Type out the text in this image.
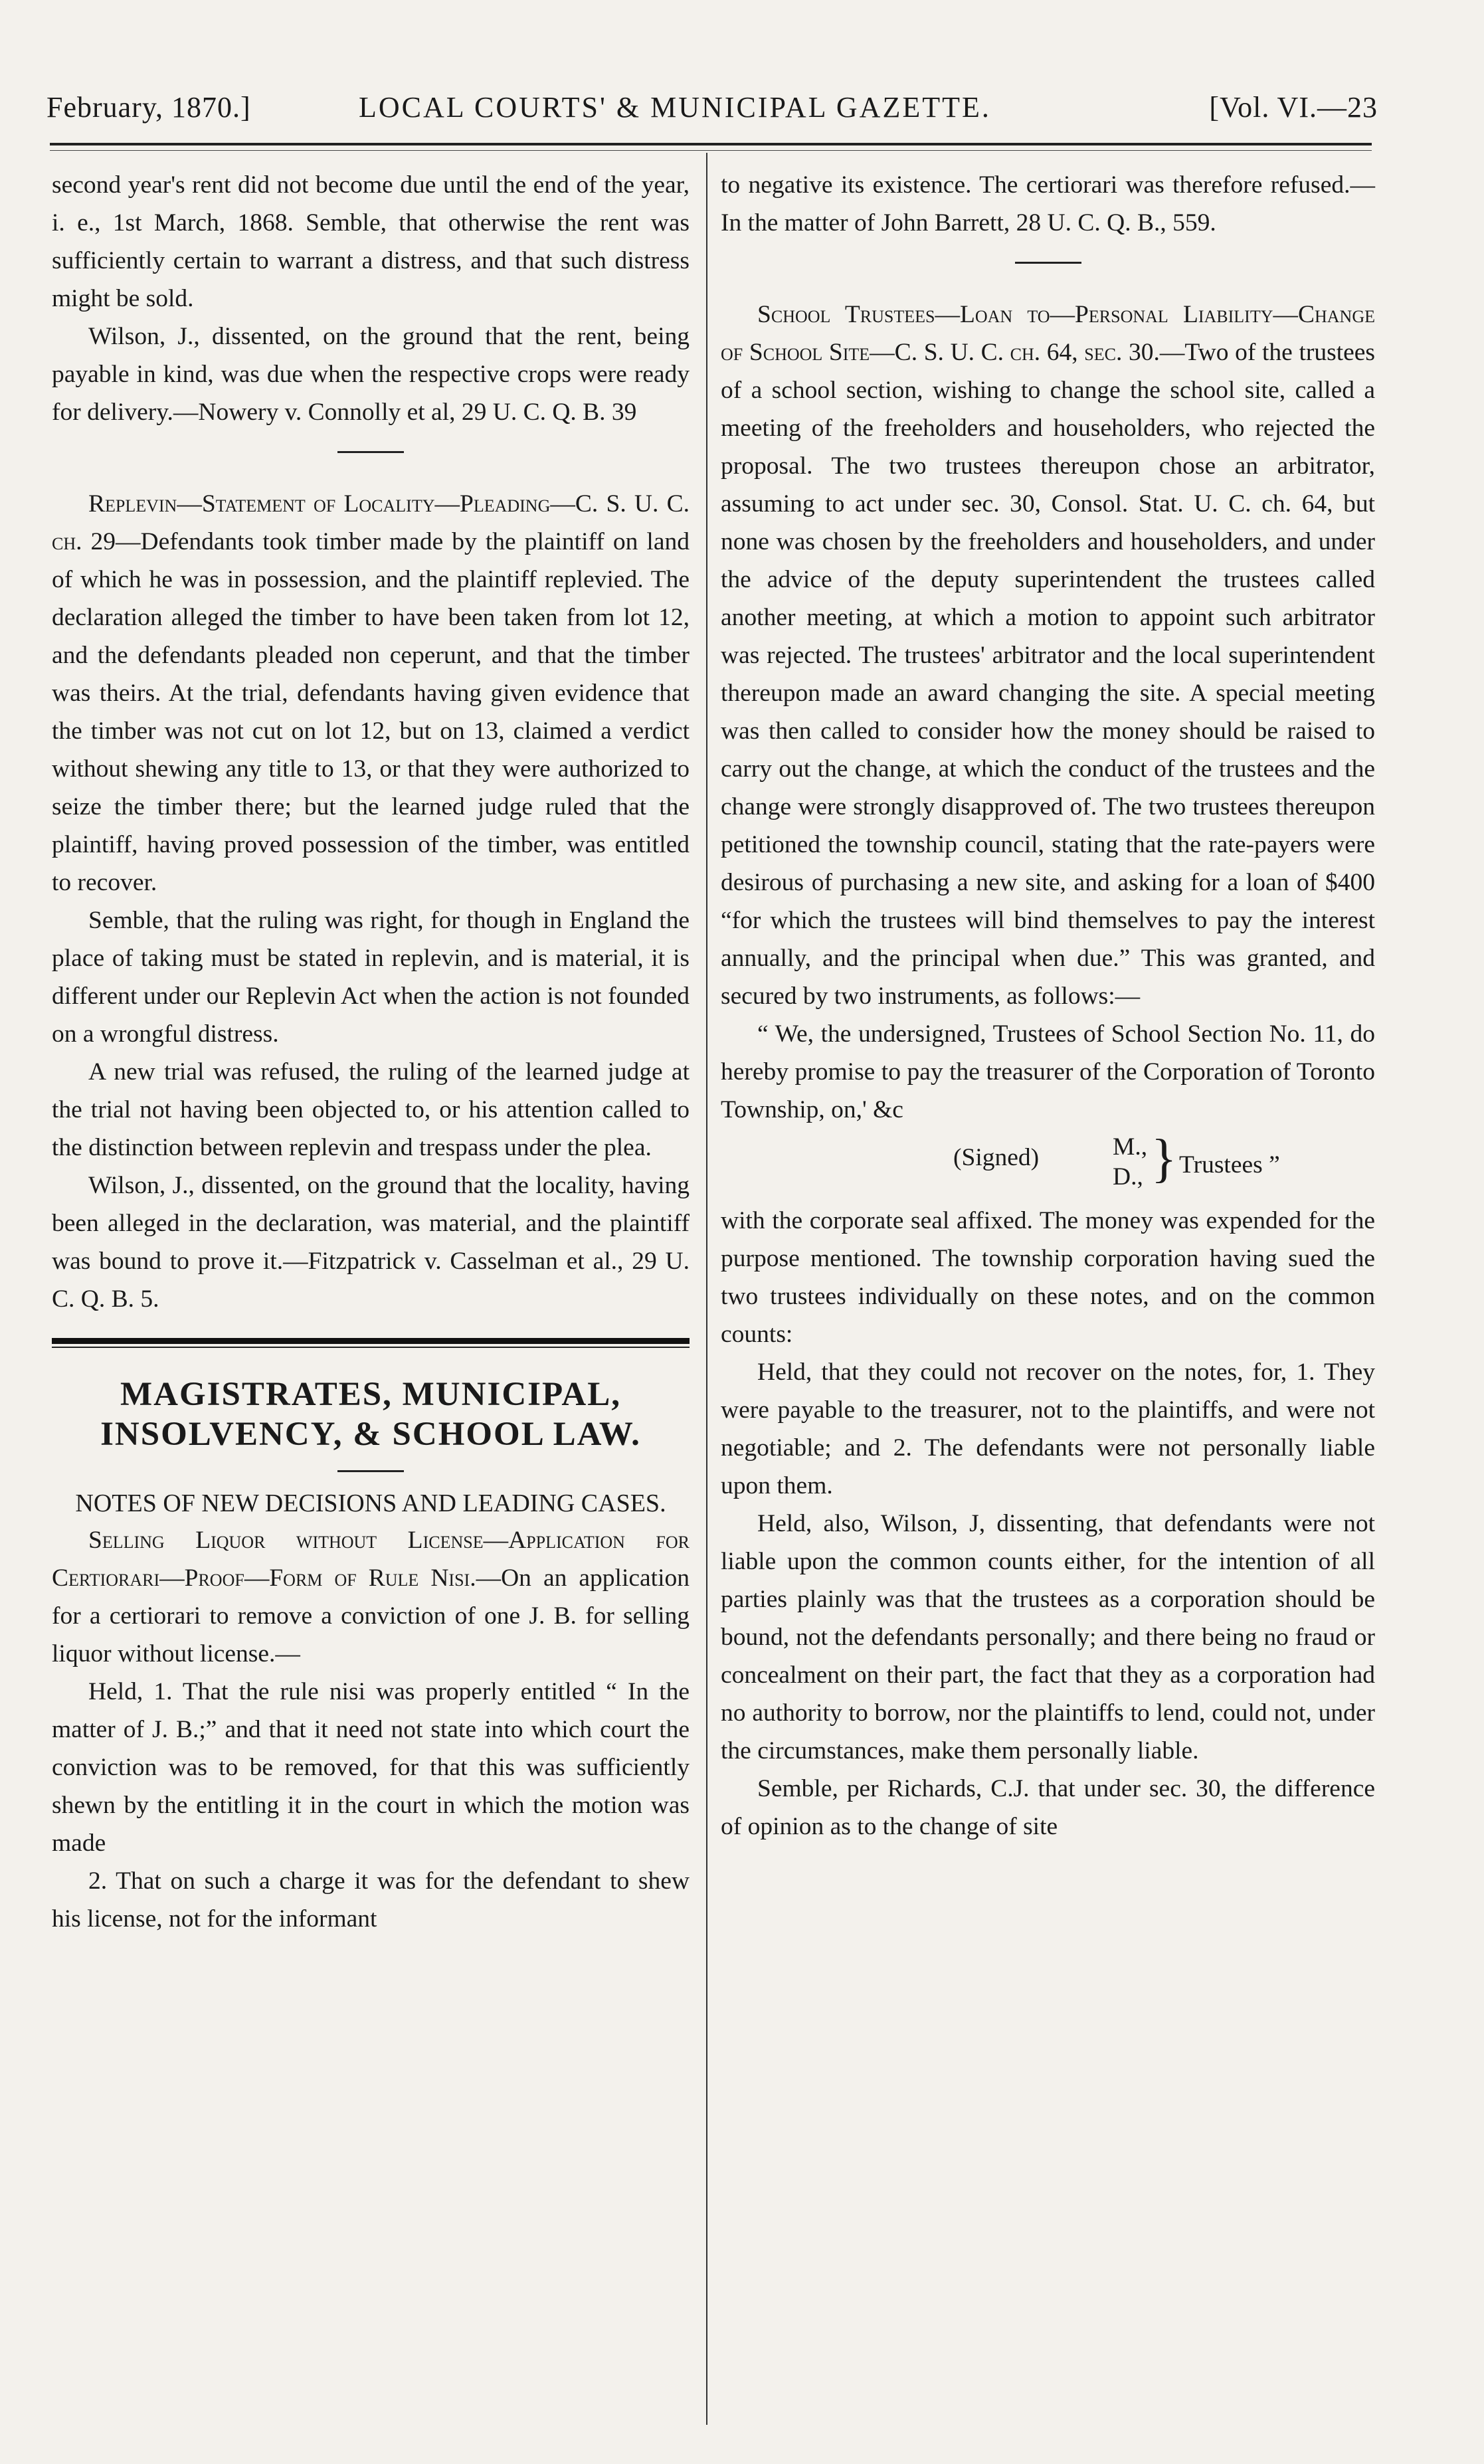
February, 1870.]	LOCAL COURTS' & MUNICIPAL GAZETTE.	[Vol. VI.—23

second year's rent did not become due until the end of the year, i. e., 1st March, 1868. Semble, that otherwise the rent was sufficiently certain to warrant a distress, and that such distress might be sold.

Wilson, J., dissented, on the ground that the rent, being payable in kind, was due when the respective crops were ready for delivery.—Nowery v. Connolly et al, 29 U. C. Q. B. 39

Replevin—Statement of Locality—Pleading—C. S. U. C. ch. 29—Defendants took timber made by the plaintiff on land of which he was in possession, and the plaintiff replevied. The declaration alleged the timber to have been taken from lot 12, and the defendants pleaded non ceperunt, and that the timber was theirs. At the trial, defendants having given evidence that the timber was not cut on lot 12, but on 13, claimed a verdict without shewing any title to 13, or that they were authorized to seize the timber there; but the learned judge ruled that the plaintiff, having proved possession of the timber, was entitled to recover.

Semble, that the ruling was right, for though in England the place of taking must be stated in replevin, and is material, it is different under our Replevin Act when the action is not founded on a wrongful distress.

A new trial was refused, the ruling of the learned judge at the trial not having been objected to, or his attention called to the distinction between replevin and trespass under the plea.

Wilson, J., dissented, on the ground that the locality, having been alleged in the declaration, was material, and the plaintiff was bound to prove it.—Fitzpatrick v. Casselman et al., 29 U. C. Q. B. 5.

MAGISTRATES, MUNICIPAL,

INSOLVENCY, & SCHOOL LAW.

NOTES OF NEW DECISIONS AND LEADING CASES.

Selling Liquor without License—Application for Certiorari—Proof—Form of Rule Nisi.—On an application for a certiorari to remove a conviction of one J. B. for selling liquor without license.—

Held, 1. That the rule nisi was properly entitled “ In the matter of J. B.;” and that it need not state into which court the conviction was to be removed, for that this was sufficiently shewn by the entitling it in the court in which the motion was made

2. That on such a charge it was for the defendant to shew his license, not for the informant

to negative its existence. The certiorari was therefore refused.—In the matter of John Barrett, 28 U. C. Q. B., 559.

School Trustees—Loan to—Personal Liability—Change of School Site—C. S. U. C. ch. 64, sec. 30.—Two of the trustees of a school section, wishing to change the school site, called a meeting of the freeholders and householders, who rejected the proposal. The two trustees thereupon chose an arbitrator, assuming to act under sec. 30, Consol. Stat. U. C. ch. 64, but none was chosen by the freeholders and householders, and under the advice of the deputy superintendent the trustees called another meeting, at which a motion to appoint such arbitrator was rejected. The trustees' arbitrator and the local superintendent thereupon made an award changing the site. A special meeting was then called to consider how the money should be raised to carry out the change, at which the conduct of the trustees and the change were strongly disapproved of. The two trustees thereupon petitioned the township council, stating that the rate-payers were desirous of purchasing a new site, and asking for a loan of $400 “for which the trustees will bind themselves to pay the interest annually, and the principal when due.” This was granted, and secured by two instruments, as follows:—

“ We, the undersigned, Trustees of School Section No. 11, do hereby promise to pay the treasurer of the Corporation of Toronto Township, on,' &c

(Signed)	M.,
D., } Trustees ”

with the corporate seal affixed. The money was expended for the purpose mentioned. The township corporation having sued the two trustees individually on these notes, and on the common counts:

Held, that they could not recover on the notes, for, 1. They were payable to the treasurer, not to the plaintiffs, and were not negotiable; and 2. The defendants were not personally liable upon them.

Held, also, Wilson, J, dissenting, that defendants were not liable upon the common counts either, for the intention of all parties plainly was that the trustees as a corporation should be bound, not the defendants personally; and there being no fraud or concealment on their part, the fact that they as a corporation had no authority to borrow, nor the plaintiffs to lend, could not, under the circumstances, make them personally liable.

Semble, per Richards, C.J. that under sec. 30, the difference of opinion as to the change of site
